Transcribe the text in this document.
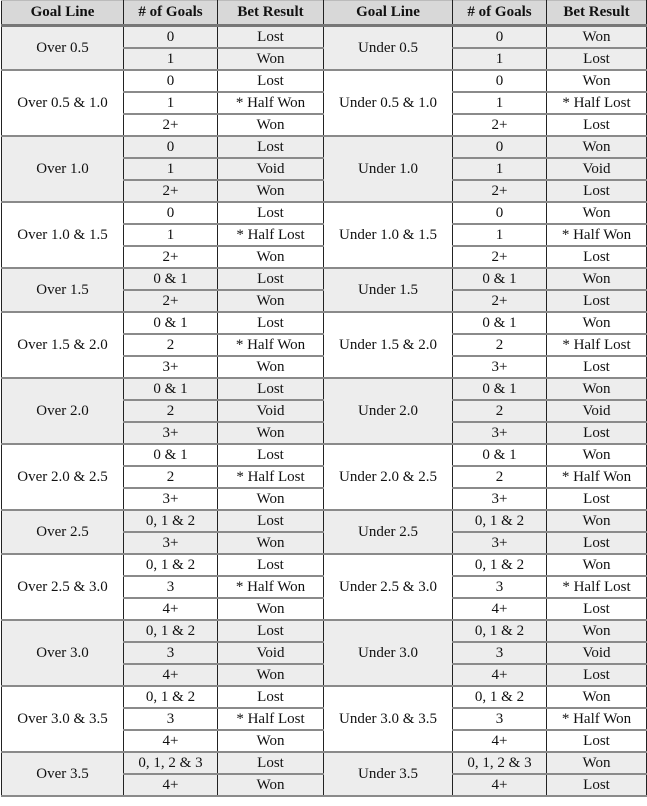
Goal Line	# of Goals	Bet Result	Goal Line	# of Goals	Bet Result
Over 0.5	0	Lost	Under 0.5	0	Won
	1	Won		1	Lost
Over 0.5 & 1.0	0	Lost	Under 0.5 & 1.0	0	Won
	1	* Half Won		1	* Half Lost
	2+	Won		2+	Lost
Over 1.0	0	Lost	Under 1.0	0	Won
	1	Void		1	Void
	2+	Won		2+	Lost
Over 1.0 & 1.5	0	Lost	Under 1.0 & 1.5	0	Won
	1	* Half Lost		1	* Half Won
	2+	Won		2+	Lost
Over 1.5	0 & 1	Lost	Under 1.5	0 & 1	Won
	2+	Won		2+	Lost
Over 1.5 & 2.0	0 & 1	Lost	Under 1.5 & 2.0	0 & 1	Won
	2	* Half Won		2	* Half Lost
	3+	Won		3+	Lost
Over 2.0	0 & 1	Lost	Under 2.0	0 & 1	Won
	2	Void		2	Void
	3+	Won		3+	Lost
Over 2.0 & 2.5	0 & 1	Lost	Under 2.0 & 2.5	0 & 1	Won
	2	* Half Lost		2	* Half Won
	3+	Won		3+	Lost
Over 2.5	0, 1 & 2	Lost	Under 2.5	0, 1 & 2	Won
	3+	Won		3+	Lost
Over 2.5 & 3.0	0, 1 & 2	Lost	Under 2.5 & 3.0	0, 1 & 2	Won
	3	* Half Won		3	* Half Lost
	4+	Won		4+	Lost
Over 3.0	0, 1 & 2	Lost	Under 3.0	0, 1 & 2	Won
	3	Void		3	Void
	4+	Won		4+	Lost
Over 3.0 & 3.5	0, 1 & 2	Lost	Under 3.0 & 3.5	0, 1 & 2	Won
	3	* Half Lost		3	* Half Won
	4+	Won		4+	Lost
Over 3.5	0, 1, 2 & 3	Lost	Under 3.5	0, 1, 2 & 3	Won
	4+	Won		4+	Lost
